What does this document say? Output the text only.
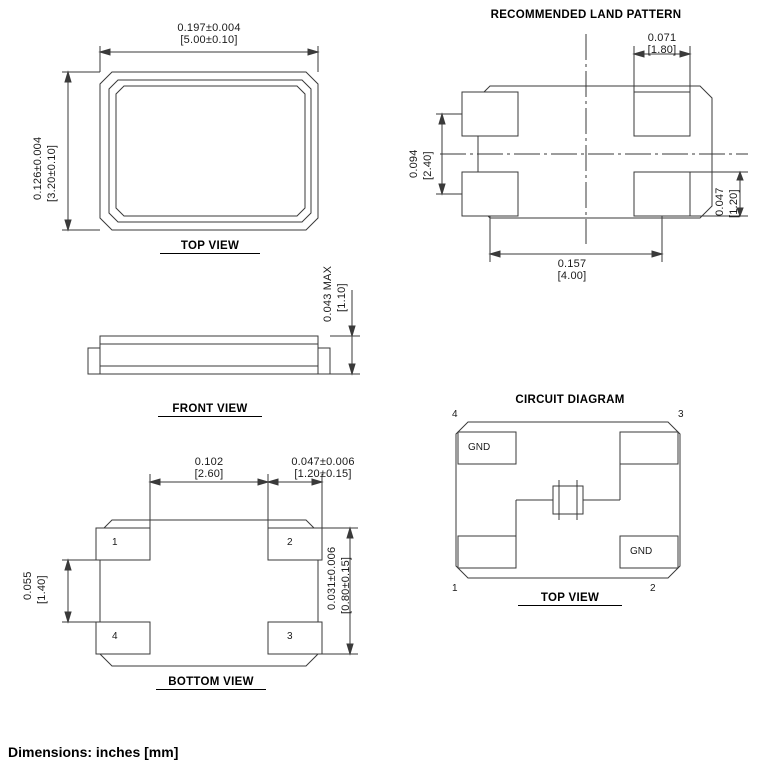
0.197±0.004
[5.00±0.10]
0.126±0.004 [3.20±0.10]
TOP VIEW
0.043 MAX [1.10]
FRONT VIEW
0.102
[2.60]
0.047±0.006
[1.20±0.15]
0.055 [1.40]	0.031±0.006 [0.80±0.15]
1	2
3
4
BOTTOM VIEW
RECOMMENDED LAND PATTERN
0.071
[1.80]
0.094 [2.40]
0.047 [1.20]
0.157
[4.00]
CIRCUIT DIAGRAM
4	3
1	2
GND
GND
TOP VIEW
Dimensions: inches [mm]
